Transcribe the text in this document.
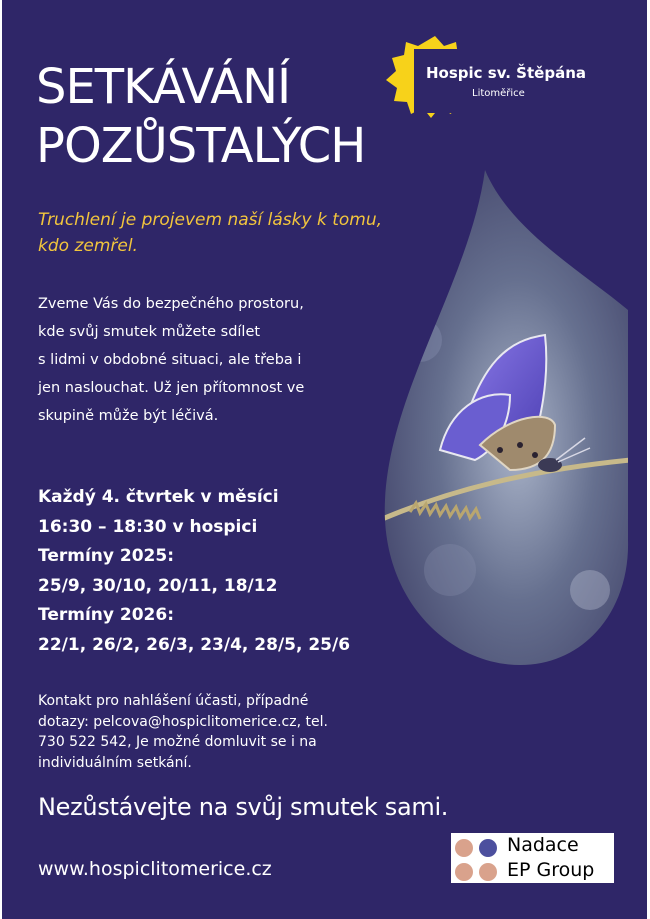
SETKÁVÁNÍ
POZŮSTALÝCH
Hospic sv. Štěpána
Litoměřice

Truchlení je projevem naší lásky k tomu,
kdo zemřel.

Zveme Vás do bezpečného prostoru,
kde svůj smutek můžete sdílet
s lidmi v obdobné situaci, ale třeba i
jen naslouchat. Už jen přítomnost ve
skupině může být léčivá.

Každý 4. čtvrtek v měsíci
16:30 – 18:30 v hospici
Termíny 2025:
25/9, 30/10, 20/11, 18/12
Termíny 2026:
22/1, 26/2, 26/3, 23/4, 28/5, 25/6

Kontakt pro nahlášení účasti, případné
dotazy: pelcova@hospiclitomerice.cz, tel.
730 522 542, Je možné domluvit se i na
individuálním setkání.

Nezůstávejte na svůj smutek sami.

www.hospiclitomerice.cz

Nadace
EP Group
